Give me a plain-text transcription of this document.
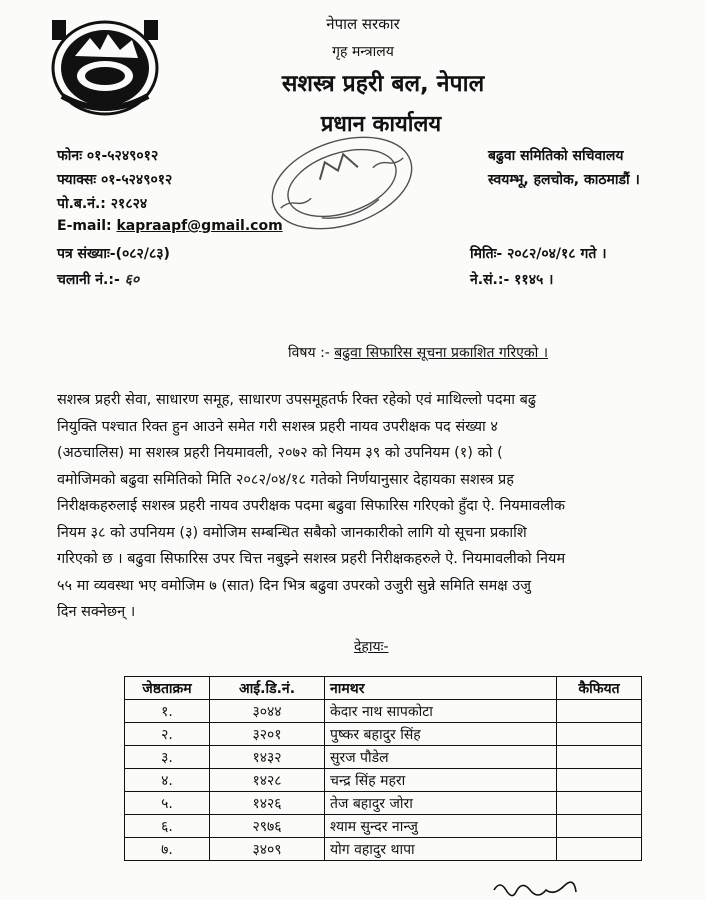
नेपाल सरकार
गृह मन्त्रालय
सशस्त्र प्रहरी बल, नेपाल
प्रधान कार्यालय
फोनः ०१-५२४९०१२
फ्याक्सः ०१-५२४९०१२
पो.ब.नं.: २१८२४
E-mail: kapraapf@gmail.com
पत्र संख्याः-(०८२/८३)
चलानी नं.:- ६०
बढुवा समितिको सचिवालय
स्वयम्भू, हलचोक, काठमाडौं ।
मितिः- २०८२/०४/१८ गते ।
ने.सं.:- ११४५ ।
विषय :- बढुवा सिफारिस सूचना प्रकाशित गरिएको ।
सशस्त्र प्रहरी सेवा, साधारण समूह, साधारण उपसमूहतर्फ रिक्त रहेको एवं माथिल्लो पदमा बढु
नियुक्ति पश्चात रिक्त हुन आउने समेत गरी सशस्त्र प्रहरी नायव उपरीक्षक पद संख्या ४
(अठचालिस) मा सशस्त्र प्रहरी नियमावली, २०७२ को नियम ३९ को उपनियम (१) को (
वमोजिमको बढुवा समितिको मिति २०८२/०४/१८ गतेको निर्णयानुसार देहायका सशस्त्र प्रह
निरीक्षकहरुलाई सशस्त्र प्रहरी नायव उपरीक्षक पदमा बढुवा सिफारिस गरिएको हुँदा ऐ. नियमावलीक
नियम ३८ को उपनियम (३) वमोजिम सम्बन्धित सबैको जानकारीको लागि यो सूचना प्रकाशि
गरिएको छ । बढुवा सिफारिस उपर चित्त नबुझ्ने सशस्त्र प्रहरी निरीक्षकहरुले ऐ. नियमावलीको नियम
५५ मा व्यवस्था भए वमोजिम ७ (सात) दिन भित्र बढुवा उपरको उजुरी सुन्ने समिति समक्ष उजु
दिन सक्नेछन् ।
देहायः-
जेष्ठताक्रम	आई.डि.नं.	नामथर	कैफियत
१.	३०४४	केदार नाथ सापकोटा	
२.	३२०१	पुष्कर बहादुर सिंह	
३.	१४३२	सुरज पौडेल	
४.	१४२८	चन्द्र सिंह महरा	
५.	१४२६	तेज बहादुर जोरा	
६.	२९७६	श्याम सुन्दर नान्जु	
७.	३४०९	योग वहादुर थापा	
